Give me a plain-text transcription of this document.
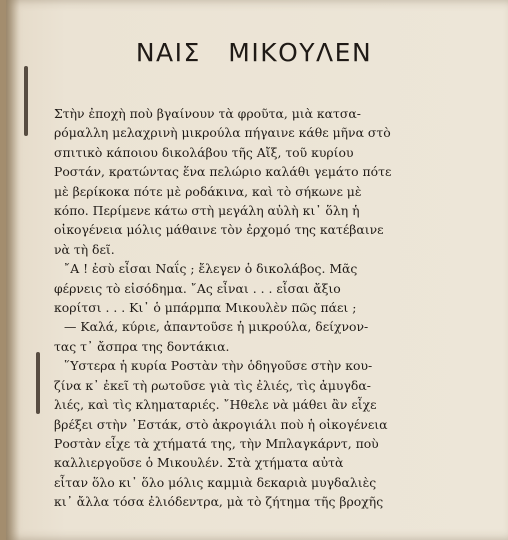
ΝΑΙΣ ΜΙΚΟΥΛΕΝ
Στὴν ἐποχὴ ποὺ βγαίνουν τὰ φροῦτα, μιὰ κατσα-
ρόμαλλη μελαχρινὴ μικρούλα πήγαινε κάθε μῆνα στὸ
σπιτικὸ κάποιου δικολάβου τῆς Αἴξ, τοῦ κυρίου
Ροστάν, κρατώντας ἕνα πελώριο καλάθι γεμάτο πότε
μὲ βερίκοκα πότε μὲ ροδάκινα, καὶ τὸ σήκωνε μὲ
κόπο. Περίμενε κάτω στὴ μεγάλη αὐλὴ κι᾽ ὅλη ἡ
οἰκογένεια μόλις μάθαινε τὸν ἐρχομό της κατέβαινε
νὰ τὴ δεῖ.
῎Α ! ἐσὺ εἶσαι Ναΐς ; ἔλεγεν ὁ δικολάβος. Μᾶς
φέρνεις τὸ εἰσόδημα. ῎Ας εἶναι . . . εἶσαι ἄξιο
κορίτσι . . . Κι᾽ ὁ μπάρμπα Μικουλὲν πῶς πάει ;
— Καλά, κύριε, ἀπαντοῦσε ἡ μικρούλα, δείχνον-
τας τ᾽ ἄσπρα της δοντάκια.
῞Υστερα ἡ κυρία Ροστὰν τὴν ὁδηγοῦσε στὴν κου-
ζίνα κ᾽ ἐκεῖ τὴ ρωτοῦσε γιὰ τὶς ἐλιές, τὶς ἀμυγδα-
λιές, καὶ τὶς κληματαριές. ῎Ηθελε νὰ μάθει ἂν εἶχε
βρέξει στὴν ᾿Εστάκ, στὸ ἀκρογιάλι ποὺ ἡ οἰκογένεια
Ροστὰν εἶχε τὰ χτήματά της, τὴν Μπλαγκάρντ, ποὺ
καλλιεργοῦσε ὁ Μικουλέν. Στὰ χτήματα αὐτὰ
εἶταν ὅλο κι᾽ ὅλο μόλις καμμιὰ δεκαριὰ μυγδαλιὲς
κι᾽ ἄλλα τόσα ἐλιόδεντρα, μὰ τὸ ζήτημα τῆς βροχῆς
